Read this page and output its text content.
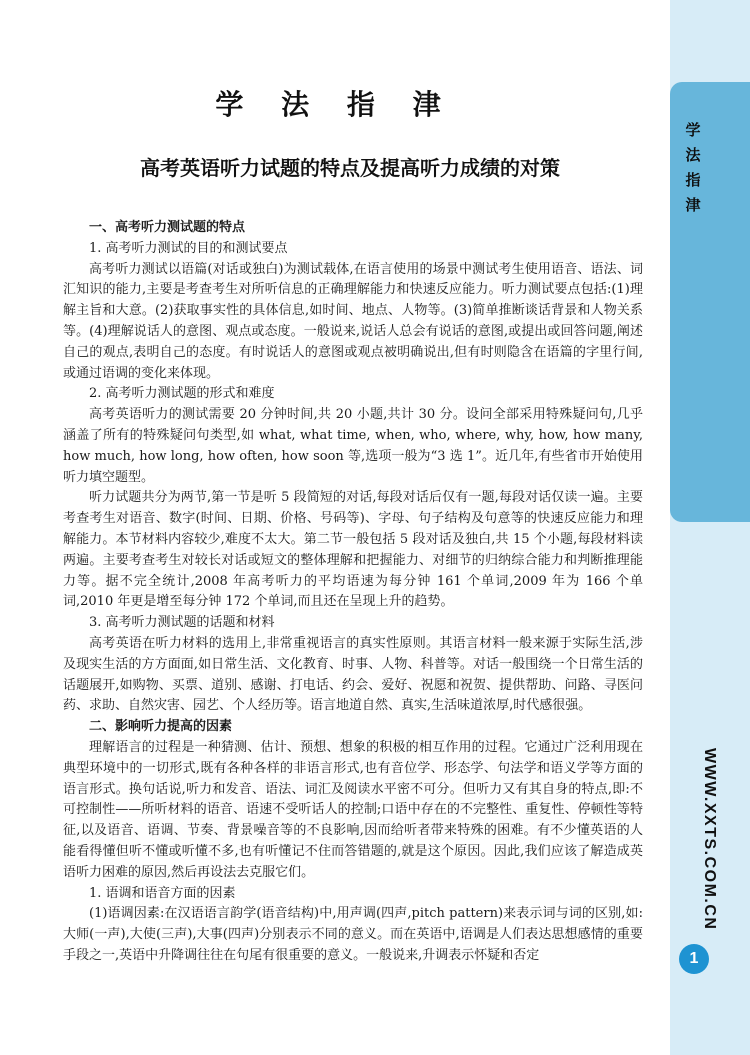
学法指津
WWW.XXTS.COM.CN
1
学 法 指 津
高考英语听力试题的特点及提高听力成绩的对策

一、高考听力测试题的特点

1. 高考听力测试的目的和测试要点

高考听力测试以语篇(对话或独白)为测试载体,在语言使用的场景中测试考生使用语音、语法、词汇知识的能力,主要是考查考生对所听信息的正确理解能力和快速反应能力。听力测试要点包括:(1)理解主旨和大意。(2)获取事实性的具体信息,如时间、地点、人物等。(3)简单推断谈话背景和人物关系等。(4)理解说话人的意图、观点或态度。一般说来,说话人总会有说话的意图,或提出或回答问题,阐述自己的观点,表明自己的态度。有时说话人的意图或观点被明确说出,但有时则隐含在语篇的字里行间,或通过语调的变化来体现。

2. 高考听力测试题的形式和难度

高考英语听力的测试需要 20 分钟时间,共 20 小题,共计 30 分。设问全部采用特殊疑问句,几乎涵盖了所有的特殊疑问句类型,如 what, what time, when, who, where, why, how, how many, how much, how long, how often, how soon 等,选项一般为“3 选 1”。近几年,有些省市开始使用听力填空题型。

听力试题共分为两节,第一节是听 5 段简短的对话,每段对话后仅有一题,每段对话仅读一遍。主要考查考生对语音、数字(时间、日期、价格、号码等)、字母、句子结构及句意等的快速反应能力和理解能力。本节材料内容较少,难度不太大。第二节一般包括 5 段对话及独白,共 15 个小题,每段材料读两遍。主要考查考生对较长对话或短文的整体理解和把握能力、对细节的归纳综合能力和判断推理能力等。据不完全统计,2008 年高考听力的平均语速为每分钟 161 个单词,2009 年为 166 个单词,2010 年更是增至每分钟 172 个单词,而且还在呈现上升的趋势。

3. 高考听力测试题的话题和材料

高考英语在听力材料的选用上,非常重视语言的真实性原则。其语言材料一般来源于实际生活,涉及现实生活的方方面面,如日常生活、文化教育、时事、人物、科普等。对话一般围绕一个日常生活的话题展开,如购物、买票、道别、感谢、打电话、约会、爱好、祝愿和祝贺、提供帮助、问路、寻医问药、求助、自然灾害、园艺、个人经历等。语言地道自然、真实,生活味道浓厚,时代感很强。

二、影响听力提高的因素

理解语言的过程是一种猜测、估计、预想、想象的积极的相互作用的过程。它通过广泛利用现在典型环境中的一切形式,既有各种各样的非语言形式,也有音位学、形态学、句法学和语义学等方面的语言形式。换句话说,听力和发音、语法、词汇及阅读水平密不可分。但听力又有其自身的特点,即:不可控制性——所听材料的语音、语速不受听话人的控制;口语中存在的不完整性、重复性、停顿性等特征,以及语音、语调、节奏、背景噪音等的不良影响,因而给听者带来特殊的困难。有不少懂英语的人能看得懂但听不懂或听懂不多,也有听懂记不住而答错题的,就是这个原因。因此,我们应该了解造成英语听力困难的原因,然后再设法去克服它们。

1. 语调和语音方面的因素

(1)语调因素:在汉语语言韵学(语音结构)中,用声调(四声,pitch pattern)来表示词与词的区别,如:大师(一声),大使(三声),大事(四声)分别表示不同的意义。而在英语中,语调是人们表达思想感情的重要手段之一,英语中升降调往往在句尾有很重要的意义。一般说来,升调表示怀疑和否定
